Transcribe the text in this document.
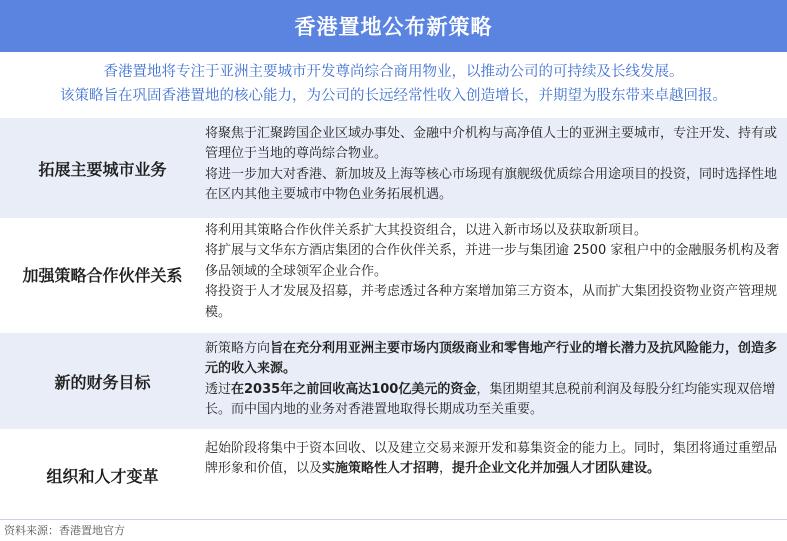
香港置地公布新策略
香港置地将专注于亚洲主要城市开发尊尚综合商用物业，以推动公司的可持续及长线发展。
该策略旨在巩固香港置地的核心能力，为公司的长远经常性收入创造增长，并期望为股东带来卓越回报。
拓展主要城市业务

将聚焦于汇聚跨国企业区域办事处、金融中介机构与高净值人士的亚洲主要城市，专注开发、持有或管理位于当地的尊尚综合物业。

将进一步加大对香港、新加坡及上海等核心市场现有旗舰级优质综合用途项目的投资，同时选择性地在区内其他主要城市中物色业务拓展机遇。

加强策略合作伙伴关系

将利用其策略合作伙伴关系扩大其投资组合，以进入新市场以及获取新项目。

将扩展与文华东方酒店集团的合作伙伴关系，并进一步与集团逾 2500 家租户中的金融服务机构及奢侈品领域的全球领军企业合作。

将投资于人才发展及招募，并考虑透过各种方案增加第三方资本，从而扩大集团投资物业资产管理规模。

新的财务目标

新策略方向旨在充分利用亚洲主要市场内顶级商业和零售地产行业的增长潜力及抗风险能力，创造多元的收入来源。

透过在2035年之前回收高达100亿美元的资金，集团期望其息税前利润及每股分红均能实现双倍增长。而中国内地的业务对香港置地取得长期成功至关重要。

组织和人才变革

起始阶段将集中于资本回收、以及建立交易来源开发和募集资金的能力上。同时，集团将通过重塑品牌形象和价值，以及实施策略性人才招聘，提升企业文化并加强人才团队建设。

资料来源：香港置地官方
